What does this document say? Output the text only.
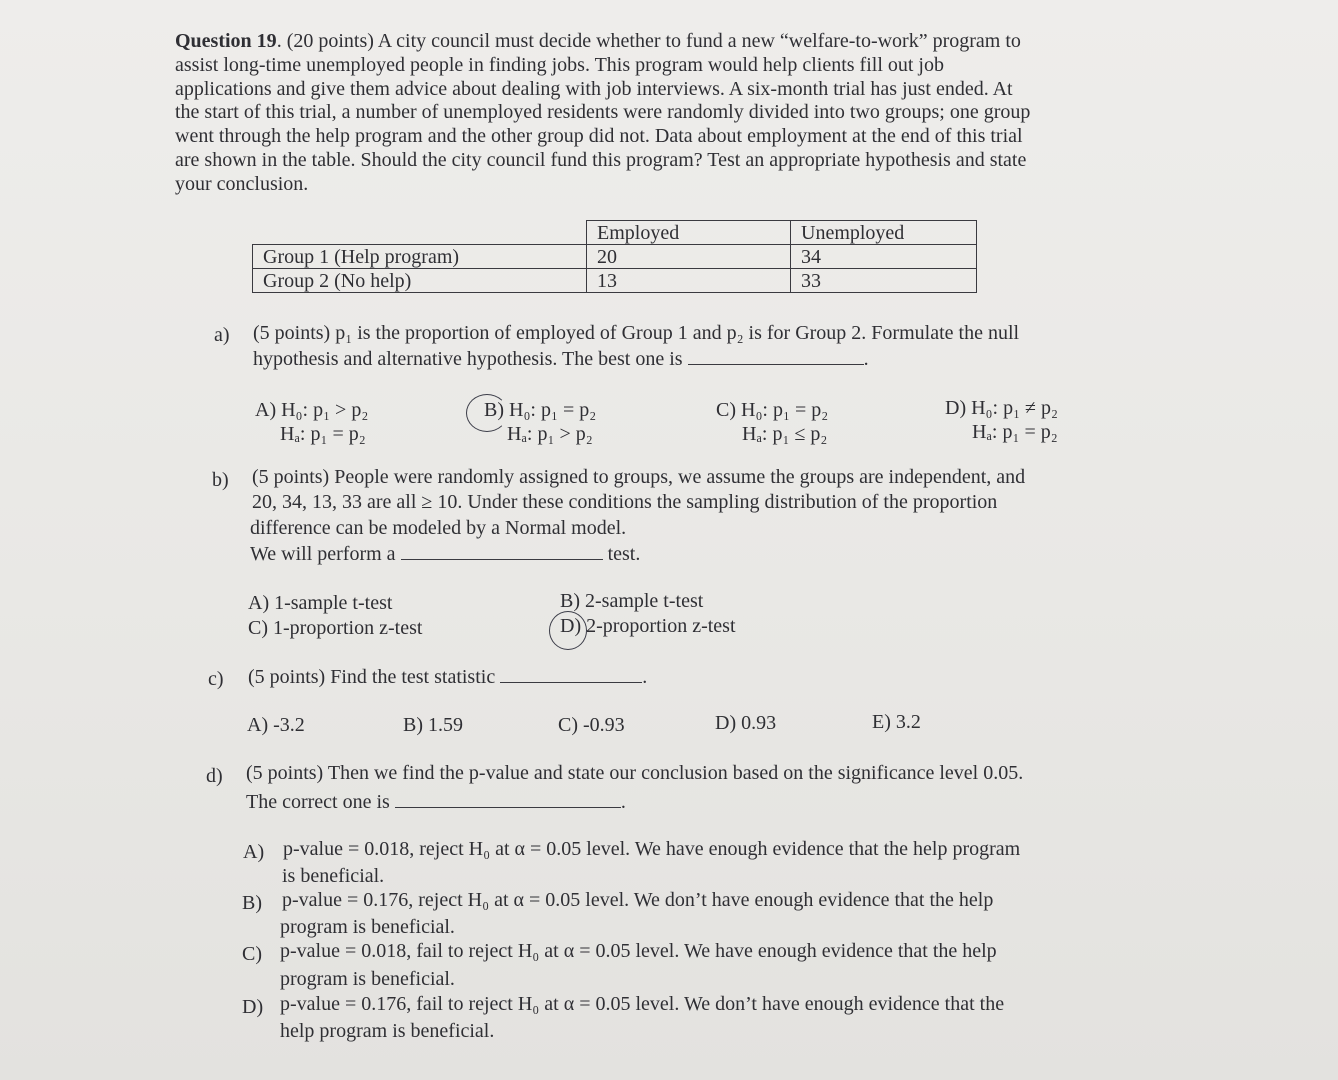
Question 19. (20 points) A city council must decide whether to fund a new “welfare-to-work” program to
assist long-time unemployed people in finding jobs. This program would help clients fill out job
applications and give them advice about dealing with job interviews. A six-month trial has just ended. At
the start of this trial, a number of unemployed residents were randomly divided into two groups; one group
went through the help program and the other group did not. Data about employment at the end of this trial
are shown in the table. Should the city council fund this program? Test an appropriate hypothesis and state
your conclusion.
	Employed	Unemployed
Group 1 (Help program)	20	34
Group 2 (No help)	13	33
a) (5 points) p₁ is the proportion of employed of Group 1 and p₂ is for Group 2. Formulate the null
hypothesis and alternative hypothesis. The best one is	.
A) H₀: p₁ > p₂
Hₐ: p₁ = p₂
B) H₀: p₁ = p₂
Hₐ: p₁ > p₂
C) H₀: p₁ = p₂
Hₐ: p₁ ≤ p₂
D) H₀: p₁ ≠ p₂
Hₐ: p₁ = p₂
b) (5 points) People were randomly assigned to groups, we assume the groups are independent, and
20, 34, 13, 33 are all ≥ 10. Under these conditions the sampling distribution of the proportion
difference can be modeled by a Normal model.
We will perform a	test.
A) 1-sample t-test	B) 2-sample t-test
C) 1-proportion z-test	D) 2-proportion z-test
c) (5 points) Find the test statistic	.
A) -3.2	B) 1.59	C) -0.93	D) 0.93	E) 3.2
d) (5 points) Then we find the p-value and state our conclusion based on the significance level 0.05.
The correct one is	.
A) p-value = 0.018, reject H₀ at α = 0.05 level. We have enough evidence that the help program
is beneficial.
B) p-value = 0.176, reject H₀ at α = 0.05 level. We don’t have enough evidence that the help
program is beneficial.
C) p-value = 0.018, fail to reject H₀ at α = 0.05 level. We have enough evidence that the help
program is beneficial.
D) p-value = 0.176, fail to reject H₀ at α = 0.05 level. We don’t have enough evidence that the
help program is beneficial.
